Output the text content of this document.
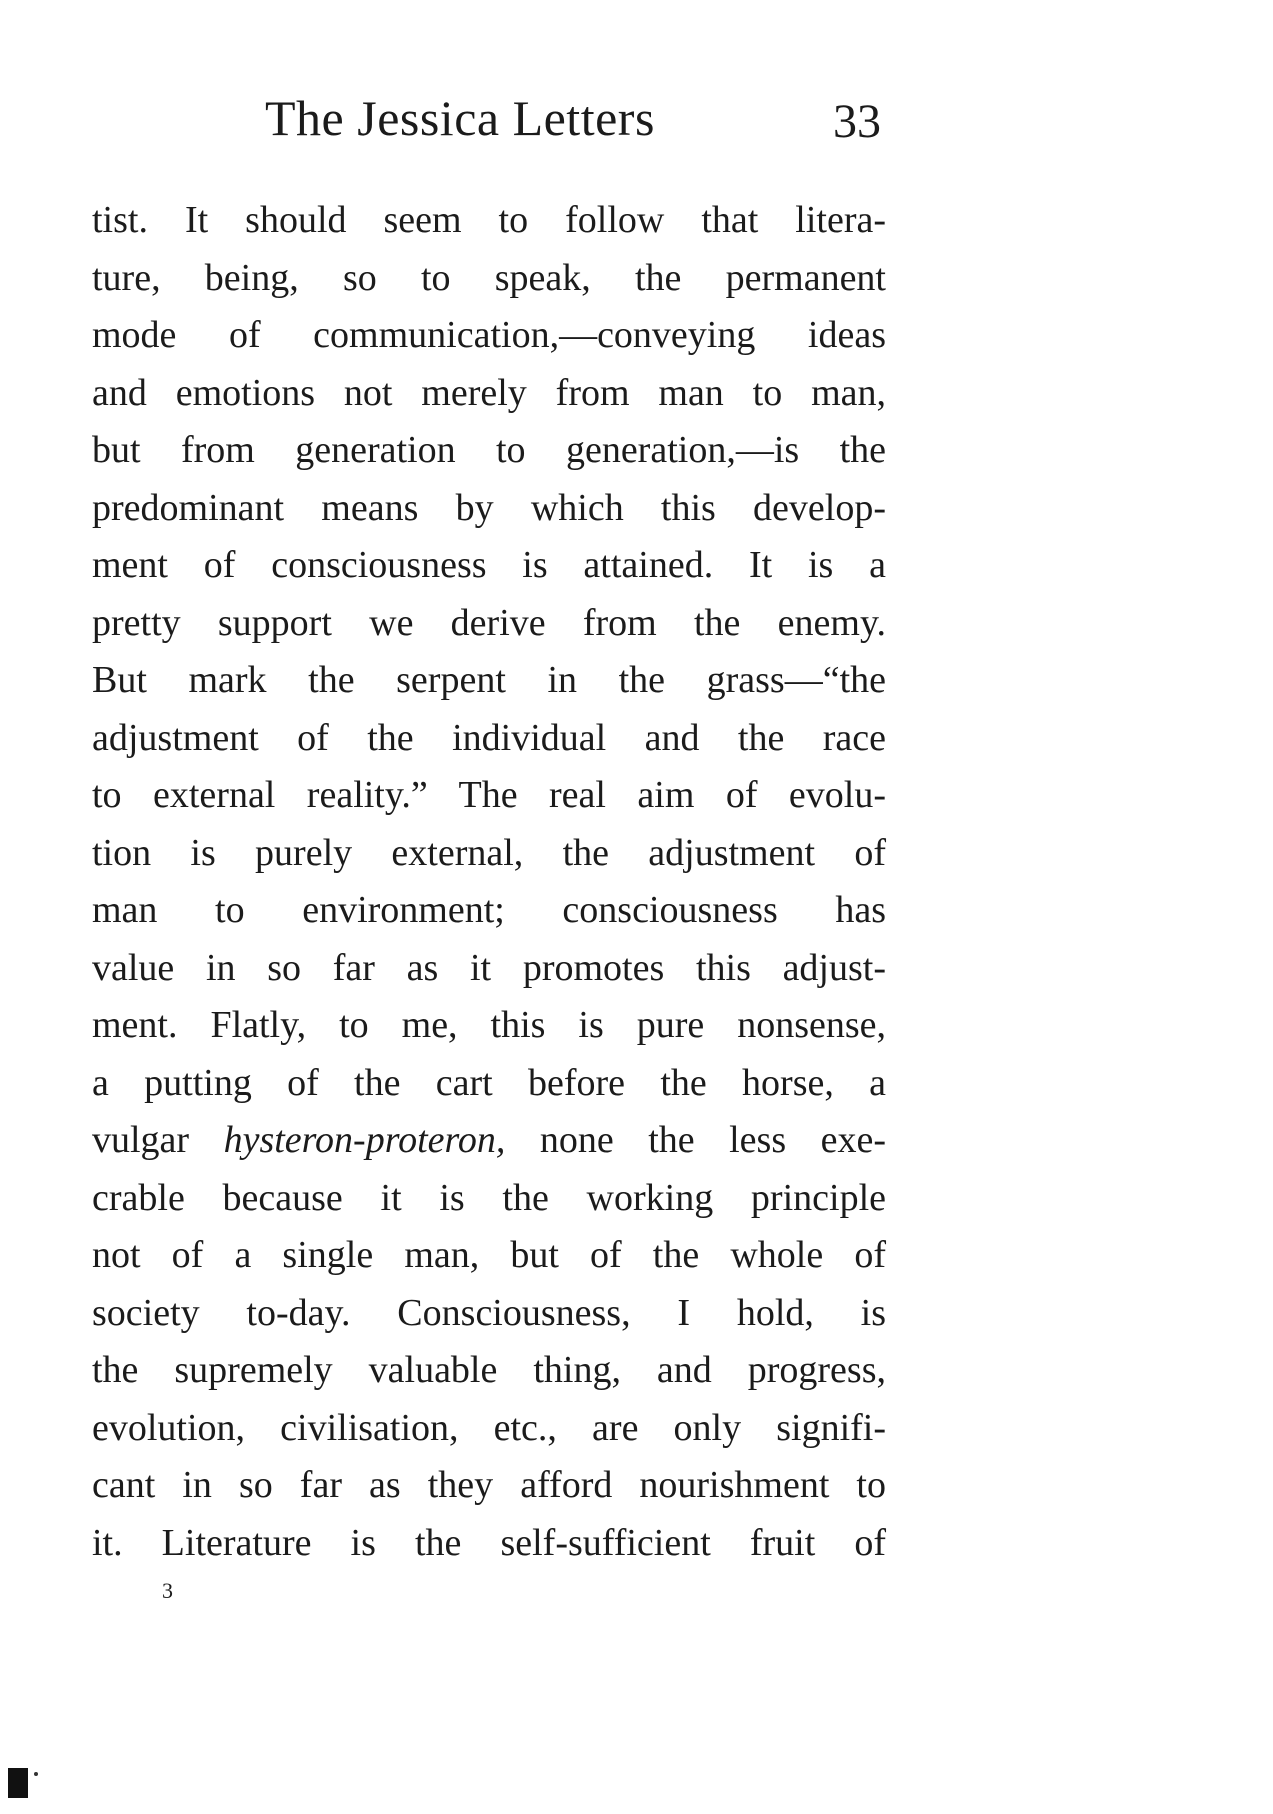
The Jessica Letters	33
tist. It should seem to follow that litera-
ture, being, so to speak, the permanent
mode of communication,—conveying ideas
and emotions not merely from man to man,
but from generation to generation,—is the
predominant means by which this develop-
ment of consciousness is attained. It is a
pretty support we derive from the enemy.
But mark the serpent in the grass—“the
adjustment of the individual and the race
to external reality.” The real aim of evolu-
tion is purely external, the adjustment of
man to environment; consciousness has
value in so far as it promotes this adjust-
ment. Flatly, to me, this is pure nonsense,
a putting of the cart before the horse, a
vulgar hysteron-proteron, none the less exe-
crable because it is the working principle
not of a single man, but of the whole of
society to-day. Consciousness, I hold, is
the supremely valuable thing, and progress,
evolution, civilisation, etc., are only signifi-
cant in so far as they afford nourishment to
it. Literature is the self-sufficient fruit of
3
